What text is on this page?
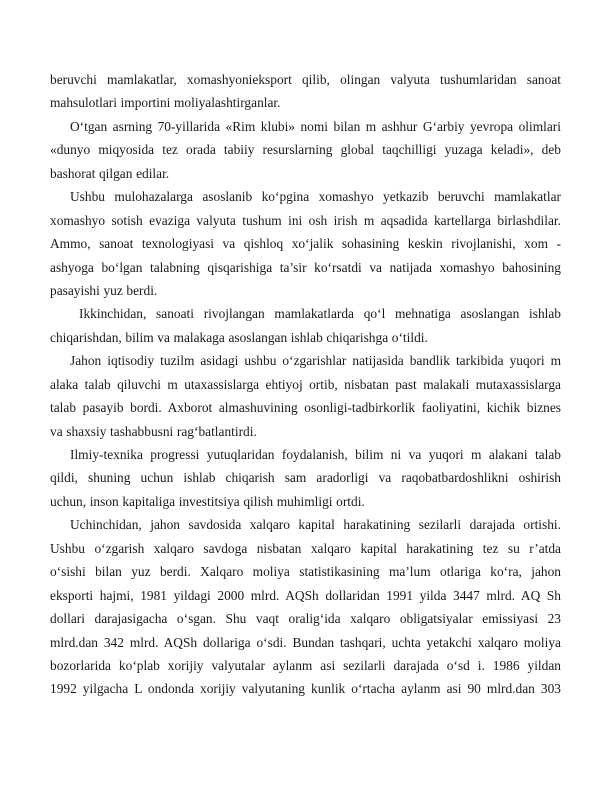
beruvchi mamlakatlar, xomashyonieksport qilib, olingan valyuta tushumlaridan sanoat
mahsulotlari importini moliyalashtirganlar.
O‘tgan asrning 70-yillarida «Rim klubi» nomi bilan m ashhur G‘arbiy yevropa olimlari
«dunyo miqyosida tez orada tabiiy resurslarning global taqchilligi yuzaga keladi», deb
bashorat qilgan edilar.
Ushbu mulohazalarga asoslanib ko‘pgina xomashyo yetkazib beruvchi mamlakatlar
xomashyo sotish evaziga valyuta tushum ini osh irish m aqsadida kartellarga birlashdilar.
Ammo, sanoat texnologiyasi va qishloq xo‘jalik sohasining keskin rivojlanishi, xom -
ashyoga bo‘lgan talabning qisqarishiga ta’sir ko‘rsatdi va natijada xomashyo bahosining
pasayishi yuz berdi.
Ikkinchidan, sanoati rivojlangan mamlakatlarda qo‘l mehnatiga asoslangan ishlab
chiqarishdan, bilim va malakaga asoslangan ishlab chiqarishga o‘tildi.
Jahon iqtisodiy tuzilm asidagi ushbu o‘zgarishlar natijasida bandlik tarkibida yuqori m
alaka talab qiluvchi m utaxassislarga ehtiyoj ortib, nisbatan past malakali mutaxassislarga
talab pasayib bordi. Axborot almashuvining osonligi-tadbirkorlik faoliyatini, kichik biznes
va shaxsiy tashabbusni rag‘batlantirdi.
Ilmiy-texnika progressi yutuqlaridan foydalanish, bilim ni va yuqori m alakani talab
qildi, shuning uchun ishlab chiqarish sam aradorligi va raqobatbardoshlikni oshirish
uchun, inson kapitaliga investitsiya qilish muhimligi ortdi.
Uchinchidan, jahon savdosida xalqaro kapital harakatining sezilarli darajada ortishi.
Ushbu o‘zgarish xalqaro savdoga nisbatan xalqaro kapital harakatining tez su r’atda
o‘sishi bilan yuz berdi. Xalqaro moliya statistikasining ma’lum otlariga ko‘ra, jahon
eksporti hajmi, 1981 yildagi 2000 mlrd. AQSh dollaridan 1991 yilda 3447 mlrd. AQ Sh
dollari darajasigacha o‘sgan. Shu vaqt oralig‘ida xalqaro obligatsiyalar emissiyasi 23
mlrd.dan 342 mlrd. AQSh dollariga o‘sdi. Bundan tashqari, uchta yetakchi xalqaro moliya
bozorlarida ko‘plab xorijiy valyutalar aylanm asi sezilarli darajada o‘sd i. 1986 yildan
1992 yilgacha L ondonda xorijiy valyutaning kunlik o‘rtacha aylanm asi 90 mlrd.dan 303
